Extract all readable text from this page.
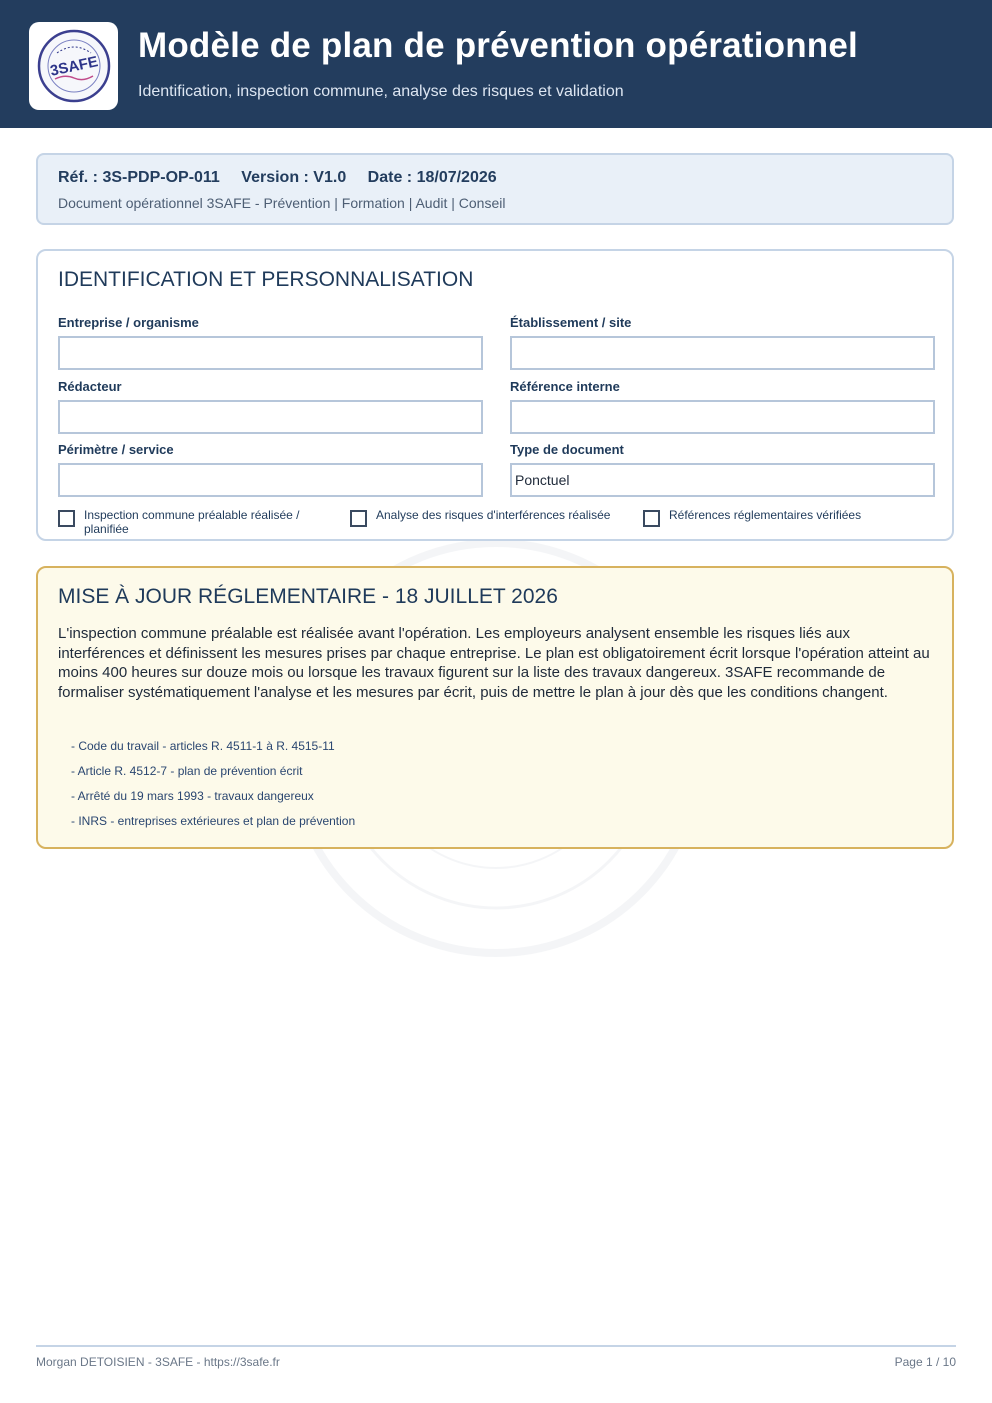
3SAFE
Modèle de plan de prévention opérationnel
Identification, inspection commune, analyse des risques et validation
Réf. : 3S-PDP-OP-011 Version : V1.0 Date : 18/07/2026
Document opérationnel 3SAFE - Prévention | Formation | Audit | Conseil
IDENTIFICATION ET PERSONNALISATION
Entreprise / organisme	Établissement / site
Rédacteur	Référence interne
Périmètre / service	Type de document
Ponctuel
Inspection commune préalable réalisée / planifiée
Analyse des risques d'interférences réalisée	Références réglementaires vérifiées
MISE À JOUR RÉGLEMENTAIRE - 18 JUILLET 2026

L'inspection commune préalable est réalisée avant l'opération. Les employeurs analysent ensemble les risques liés aux interférences et définissent les mesures prises par chaque entreprise. Le plan est obligatoirement écrit lorsque l'opération atteint au moins 400 heures sur douze mois ou lorsque les travaux figurent sur la liste des travaux dangereux. 3SAFE recommande de formaliser systématiquement l'analyse et les mesures par écrit, puis de mettre le plan à jour dès que les conditions changent.

- Code du travail - articles R. 4511-1 à R. 4515-11
- Article R. 4512-7 - plan de prévention écrit
- Arrêté du 19 mars 1993 - travaux dangereux
- INRS - entreprises extérieures et plan de prévention
Morgan DETOISIEN - 3SAFE - https://3safe.fr	Page 1 / 10
